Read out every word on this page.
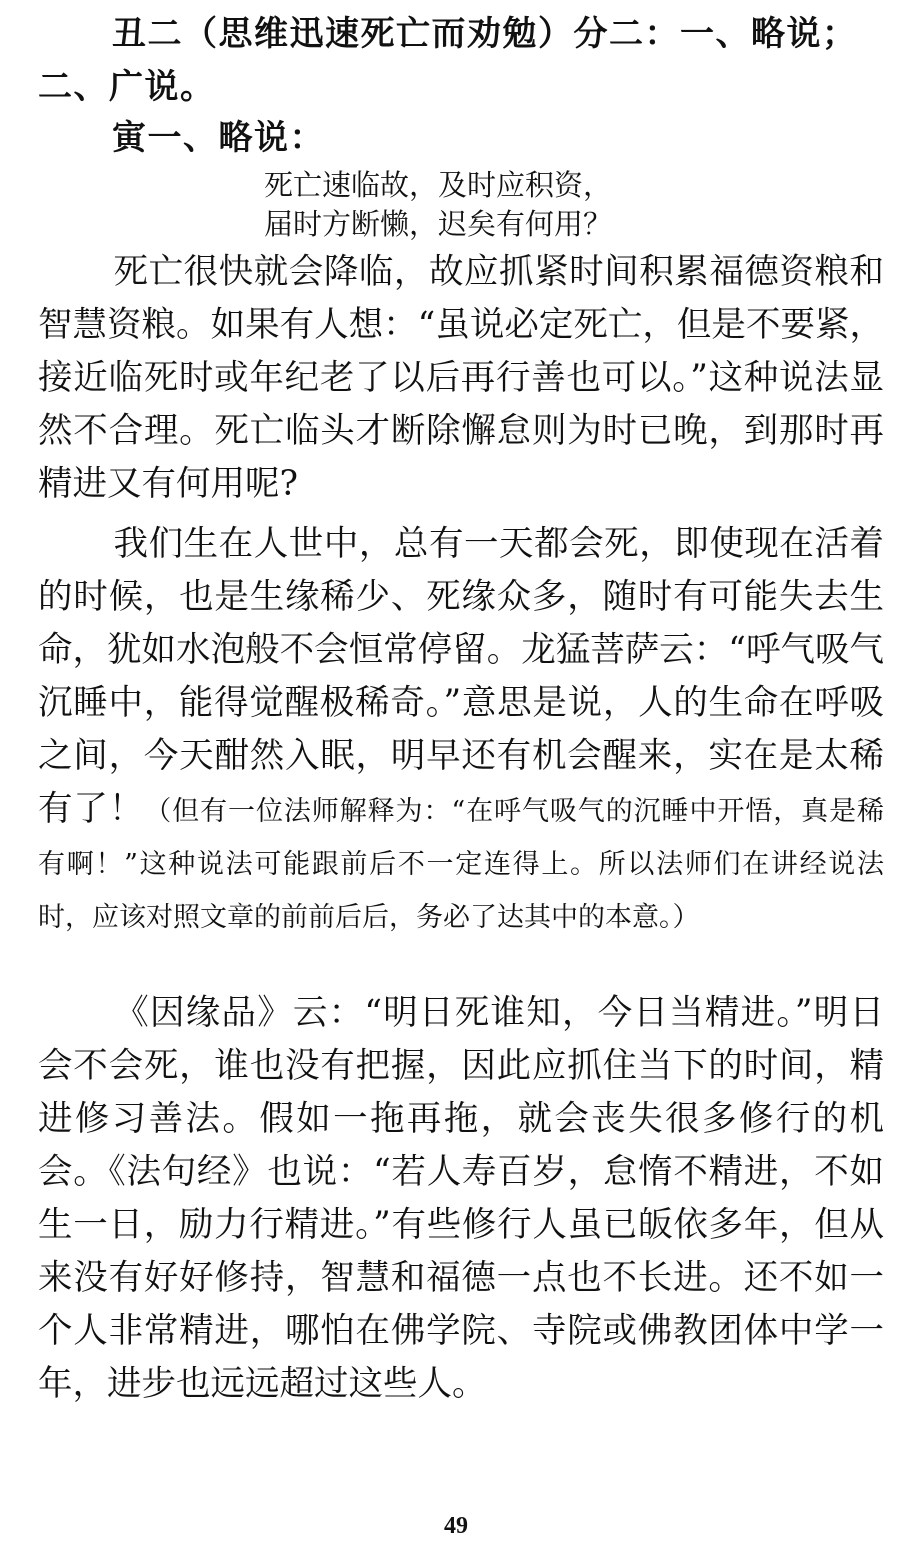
丑二（思维迅速死亡而劝勉）分二：一、略说；
二、广说。
寅一、略说：
死亡速临故，及时应积资，
届时方断懒，迟矣有何用？
死亡很快就会降临，故应抓紧时间积累福德资粮和智慧资粮。如果有人想：“虽说必定死亡，但是不要紧，接近临死时或年纪老了以后再行善也可以。”这种说法显然不合理。死亡临头才断除懈怠则为时已晚，到那时再精进又有何用呢?
我们生在人世中，总有一天都会死，即使现在活着的时候，也是生缘稀少、死缘众多，随时有可能失去生命，犹如水泡般不会恒常停留。龙猛菩萨云：“呼气吸气沉睡中，能得觉醒极稀奇。”意思是说，人的生命在呼吸之间，今天酣然入眠，明早还有机会醒来，实在是太稀有了！（但有一位法师解释为：“在呼气吸气的沉睡中开悟，真是稀有啊！”这种说法可能跟前后不一定连得上。所以法师们在讲经说法时，应该对照文章的前前后后，务必了达其中的本意。）
《因缘品》云：“明日死谁知，今日当精进。”明日会不会死，谁也没有把握，因此应抓住当下的时间，精进修习善法。假如一拖再拖，就会丧失很多修行的机会。《法句经》也说：“若人寿百岁，怠惰不精进，不如生一日，励力行精进。”有些修行人虽已皈依多年，但从来没有好好修持，智慧和福德一点也不长进。还不如一个人非常精进，哪怕在佛学院、寺院或佛教团体中学一年，进步也远远超过这些人。
49
